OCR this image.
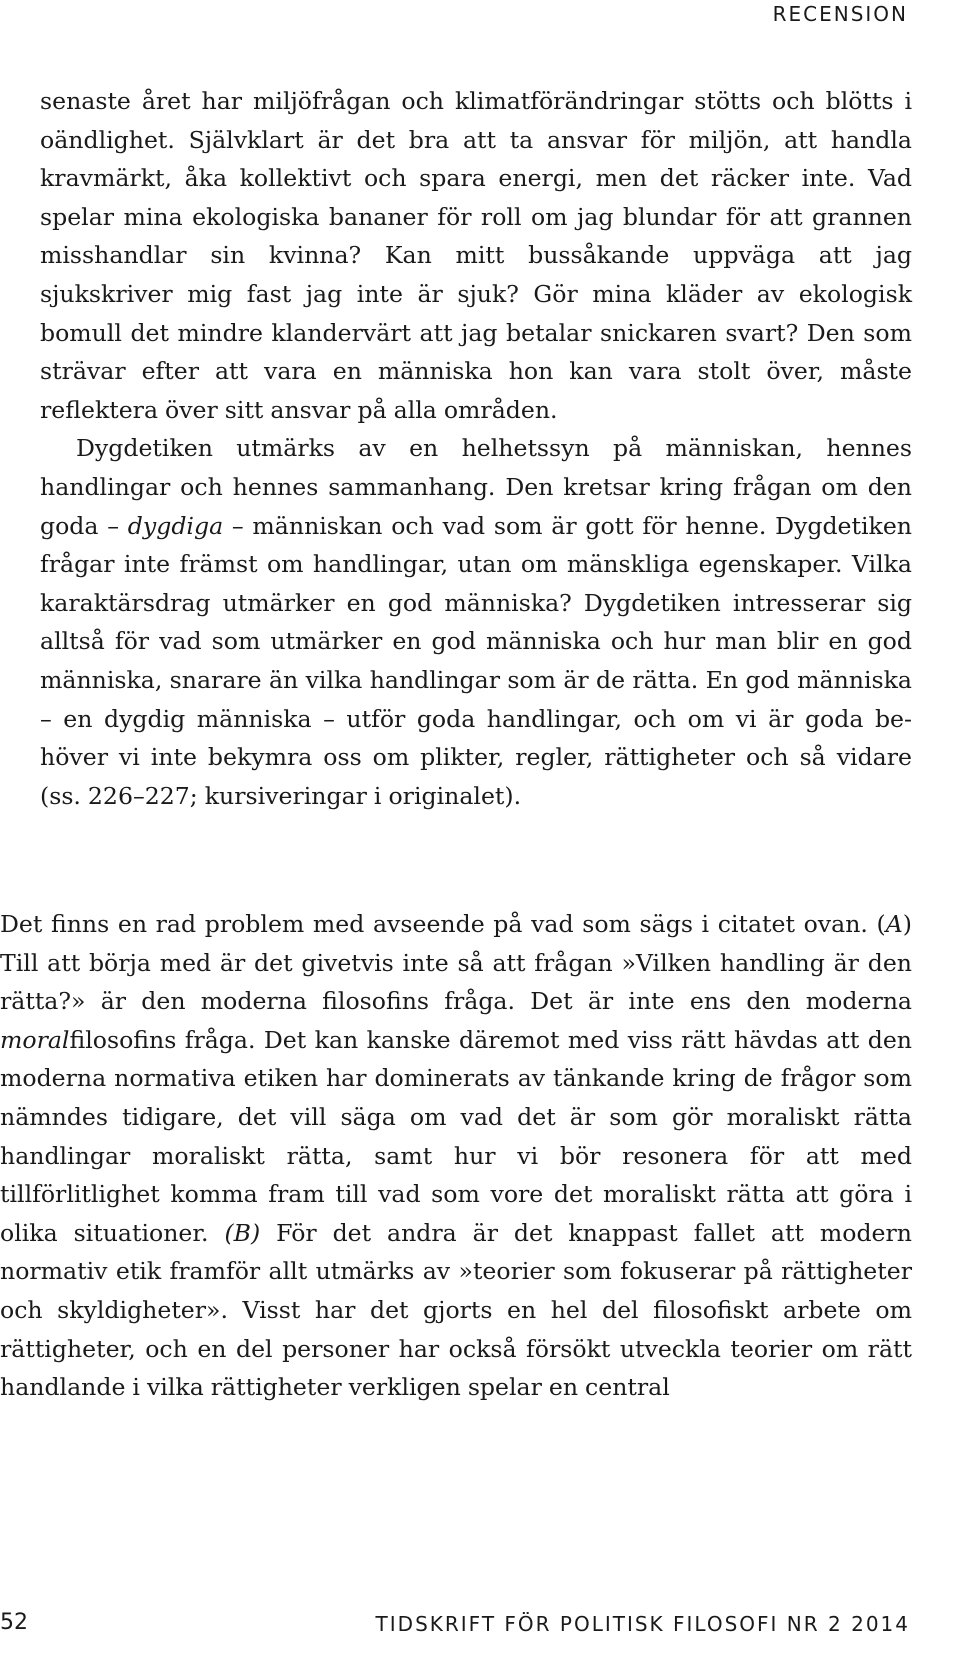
RECENSION

senaste året har miljöfrågan och klimatförändringar stötts och blötts i oändlighet. Självklart är det bra att ta ansvar för miljön, att handla kravmärkt, åka kollektivt och spara energi, men det räcker inte. Vad spelar mina ekologiska bananer för roll om jag blundar för att grannen misshandlar sin kvinna? Kan mitt bussåkande uppväga att jag sjukskriver mig fast jag inte är sjuk? Gör mina kläder av ekologisk bomull det mindre klandervärt att jag betalar snickaren svart? Den som strävar efter att vara en människa hon kan vara stolt över, måste reflektera över sitt ansvar på alla områden.

Dygdetiken utmärks av en helhetssyn på människan, hennes handlingar och hennes sammanhang. Den kretsar kring frågan om den goda – dygdiga – människan och vad som är gott för henne. Dygdetiken frågar inte främst om handlingar, utan om mänskliga egenskaper. Vilka karaktärsdrag utmärker en god människa? Dygdetiken intresserar sig alltså för vad som utmärker en god människa och hur man blir en god människa, snarare än vilka handlingar som är de rätta. En god människa – en dygdig människa – utför goda handlingar, och om vi är goda behöver vi inte bekymra oss om plikter, regler, rättigheter och så vidare (ss. 226–227; kursiveringar i originalet).

Det finns en rad problem med avseende på vad som sägs i citatet ovan. (A) Till att börja med är det givetvis inte så att frågan »Vilken handling är den rätta?» är den moderna filosofins fråga. Det är inte ens den moderna moralfilosofins fråga. Det kan kanske däremot med viss rätt hävdas att den moderna normativa etiken har dominerats av tänkande kring de frågor som nämndes tidigare, det vill säga om vad det är som gör moraliskt rätta handlingar moraliskt rätta, samt hur vi bör resonera för att med tillförlitlighet komma fram till vad som vore det moraliskt rätta att göra i olika situationer. (B) För det andra är det knappast fallet att modern normativ etik framför allt utmärks av »teorier som fokuserar på rättigheter och skyldigheter». Visst har det gjorts en hel del filosofiskt arbete om rättigheter, och en del personer har också försökt utveckla teorier om rätt handlande i vilka rättigheter verkligen spelar en central

52	TIDSKRIFT FÖR POLITISK FILOSOFI NR 2 2014
